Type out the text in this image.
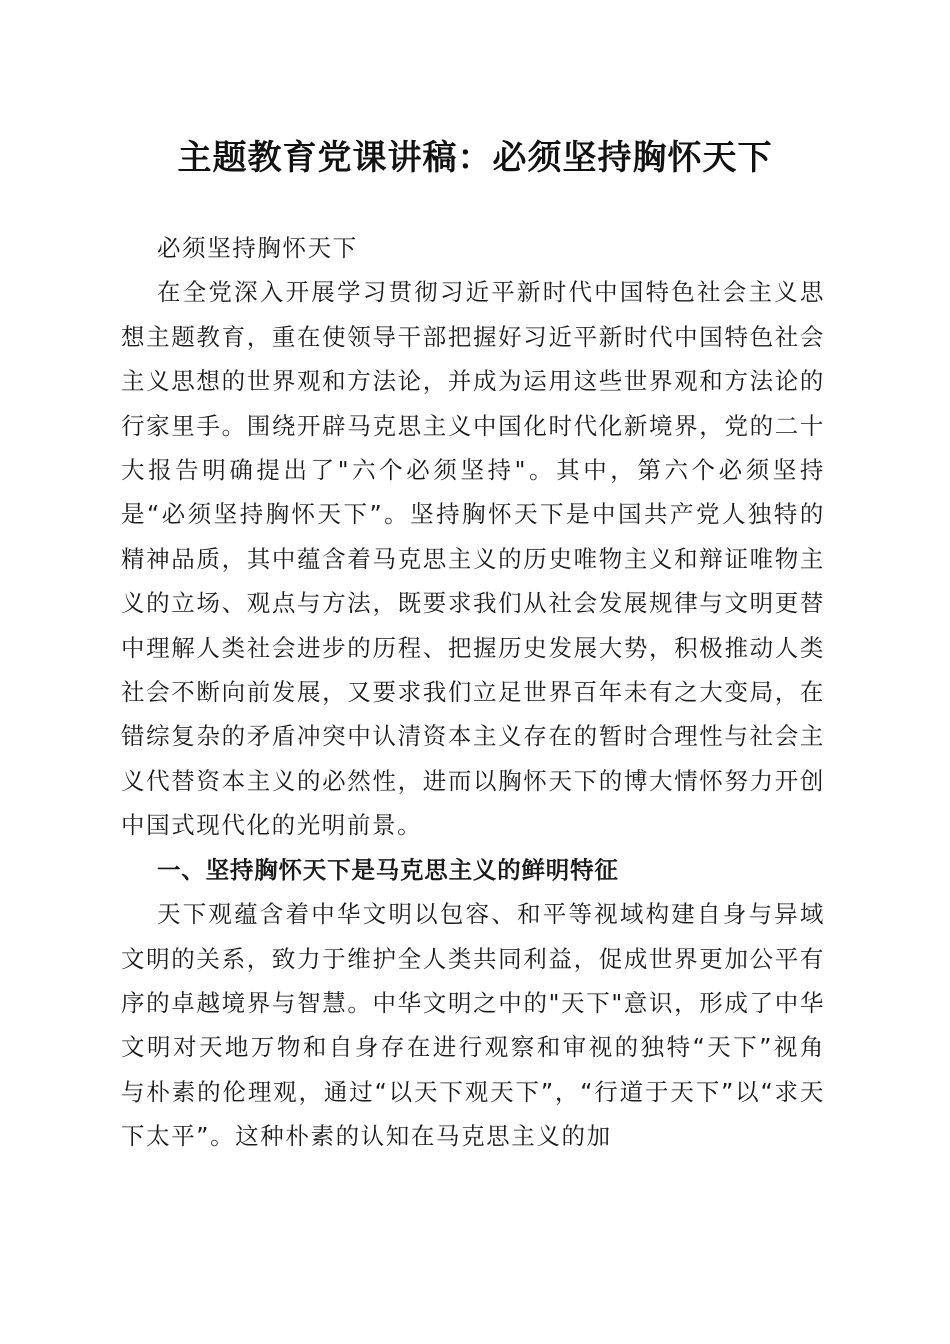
主题教育党课讲稿：必须坚持胸怀天下

必须坚持胸怀天下

在全党深入开展学习贯彻习近平新时代中国特色社会主义思想主题教育，重在使领导干部把握好习近平新时代中国特色社会主义思想的世界观和方法论，并成为运用这些世界观和方法论的行家里手。围绕开辟马克思主义中国化时代化新境界，党的二十大报告明确提出了"六个必须坚持"。其中，第六个必须坚持是“必须坚持胸怀天下”。坚持胸怀天下是中国共产党人独特的精神品质，其中蕴含着马克思主义的历史唯物主义和辩证唯物主义的立场、观点与方法，既要求我们从社会发展规律与文明更替中理解人类社会进步的历程、把握历史发展大势，积极推动人类社会不断向前发展，又要求我们立足世界百年未有之大变局，在错综复杂的矛盾冲突中认清资本主义存在的暂时合理性与社会主义代替资本主义的必然性，进而以胸怀天下的博大情怀努力开创中国式现代化的光明前景。

一、坚持胸怀天下是马克思主义的鲜明特征

天下观蕴含着中华文明以包容、和平等视域构建自身与异域文明的关系，致力于维护全人类共同利益，促成世界更加公平有序的卓越境界与智慧。中华文明之中的"天下"意识，形成了中华文明对天地万物和自身存在进行观察和审视的独特“天下”视角与朴素的伦理观，通过“以天下观天下”，“行道于天下”以“求天下太平”。这种朴素的认知在马克思主义的加
